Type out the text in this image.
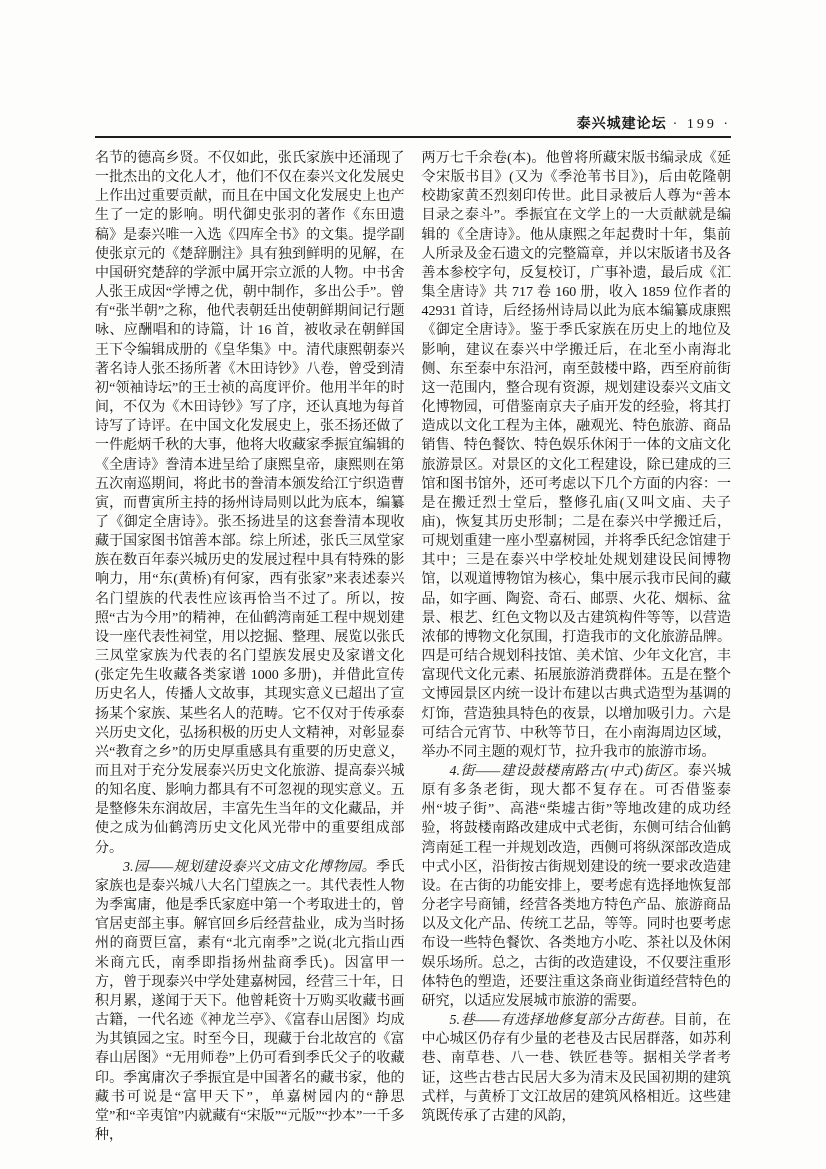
泰兴城建论坛 · 199 ·

名节的德高乡贤。不仅如此，张氏家族中还涌现了一批杰出的文化人才，他们不仅在泰兴文化发展史上作出过重要贡献，而且在中国文化发展史上也产生了一定的影响。明代御史张羽的著作《东田遗稿》是泰兴唯一入选《四库全书》的文集。提学副使张京元的《楚辞删注》具有独到鲜明的见解，在中国研究楚辞的学派中属开宗立派的人物。中书舍人张王成因“学博之优，朝中制作，多出公手”。曾有“张半朝”之称，他代表朝廷出使朝鲜期间记行题咏、应酬唱和的诗篇，计 16 首，被收录在朝鲜国王下令编辑成册的《皇华集》中。清代康熙朝泰兴著名诗人张丕扬所著《木田诗钞》八卷，曾受到清初“领袖诗坛”的王士祯的高度评价。他用半年的时间，不仅为《木田诗钞》写了序，还认真地为每首诗写了诗评。在中国文化发展史上，张丕扬还做了一件彪炳千秋的大事，他将大收藏家季振宜编辑的《全唐诗》誊清本进呈给了康熙皇帝，康熙则在第五次南巡期间，将此书的誊清本颁发给江宁织造曹寅，而曹寅所主持的扬州诗局则以此为底本，编纂了《御定全唐诗》。张丕扬进呈的这套誊清本现收藏于国家图书馆善本部。综上所述，张氏三凤堂家族在数百年泰兴城历史的发展过程中具有特殊的影响力，用“东(黄桥)有何家，西有张家”来表述泰兴名门望族的代表性应该再恰当不过了。所以，按照“古为今用”的精神，在仙鹤湾南延工程中规划建设一座代表性祠堂，用以挖掘、整理、展览以张氏三凤堂家族为代表的名门望族发展史及家谱文化(张定先生收藏各类家谱 1000 多册)，并借此宣传历史名人，传播人文故事，其现实意义已超出了宣扬某个家族、某些名人的范畴。它不仅对于传承泰兴历史文化，弘扬积极的历史人文精神，对彰显泰兴“教育之乡”的历史厚重感具有重要的历史意义，而且对于充分发展泰兴历史文化旅游、提高泰兴城的知名度、影响力都具有不可忽视的现实意义。五是整修朱东润故居，丰富先生当年的文化藏品，并使之成为仙鹤湾历史文化风光带中的重要组成部分。

3.园——规划建设泰兴文庙文化博物园。季氏家族也是泰兴城八大名门望族之一。其代表性人物为季寓庸，他是季氏家庭中第一个考取进士的，曾官居吏部主事。解官回乡后经营盐业，成为当时扬州的商贾巨富，素有“北亢南季”之说(北亢指山西米商亢氏，南季即指扬州盐商季氏)。因富甲一方，曾于现泰兴中学处建嘉树园，经营三十年，日积月累，遂闻于天下。他曾耗资十万购买收藏书画古籍，一代名迹《神龙兰亭》、《富春山居图》均成为其镇园之宝。时至今日，现藏于台北故宫的《富春山居图》“无用师卷”上仍可看到季氏父子的收藏印。季寓庸次子季振宜是中国著名的藏书家，他的藏书可说是“富甲天下”，单嘉树园内的“静思堂”和“辛夷馆”内就藏有“宋版”“元版”“抄本”一千多种，

两万七千余卷(本)。他曾将所藏宋版书编录成《延令宋版书目》(又为《季沧苇书目》)，后由乾隆朝校勘家黄丕烈刻印传世。此目录被后人尊为“善本目录之泰斗”。季振宜在文学上的一大贡献就是编辑的《全唐诗》。他从康熙之年起费时十年，集前人所录及金石遗文的完整篇章，并以宋版诸书及各善本参校字句，反复校订，广事补遗，最后成《汇集全唐诗》共 717 卷 160 册，收入 1859 位作者的 42931 首诗，后经扬州诗局以此为底本编纂成康熙《御定全唐诗》。鉴于季氏家族在历史上的地位及影响，建议在泰兴中学搬迁后，在北至小南海北侧、东至泰中东沿河，南至鼓楼中路，西至府前街这一范围内，整合现有资源，规划建设泰兴文庙文化博物园，可借鉴南京夫子庙开发的经验，将其打造成以文化工程为主体，融观光、特色旅游、商品销售、特色餐饮、特色娱乐休闲于一体的文庙文化旅游景区。对景区的文化工程建设，除已建成的三馆和图书馆外，还可考虑以下几个方面的内容：一是在搬迁烈士堂后，整修孔庙(又叫文庙、夫子庙)，恢复其历史形制；二是在泰兴中学搬迁后，可规划重建一座小型嘉树园，并将季氏纪念馆建于其中；三是在泰兴中学校址处规划建设民间博物馆，以观道博物馆为核心，集中展示我市民间的藏品，如字画、陶瓷、奇石、邮票、火花、烟标、盆景、根艺、红色文物以及古建筑构件等等，以营造浓郁的博物文化氛围，打造我市的文化旅游品牌。四是可结合规划科技馆、美术馆、少年文化宫，丰富现代文化元素、拓展旅游消费群体。五是在整个文博园景区内统一设计布建以古典式造型为基调的灯饰，营造独具特色的夜景，以增加吸引力。六是可结合元宵节、中秋等节日，在小南海周边区域，举办不同主题的观灯节，拉升我市的旅游市场。

4.街——建设鼓楼南路古(中式)街区。泰兴城原有多条老街，现大都不复存在。可否借鉴泰州“坡子街”、高港“柴墟古街”等地改建的成功经验，将鼓楼南路改建成中式老街，东侧可结合仙鹤湾南延工程一并规划改造，西侧可将纵深部改造成中式小区，沿街按古街规划建设的统一要求改造建设。在古街的功能安排上，要考虑有选择地恢复部分老字号商铺，经营各类地方特色产品、旅游商品以及文化产品、传统工艺品，等等。同时也要考虑布设一些特色餐饮、各类地方小吃、茶社以及休闲娱乐场所。总之，古街的改造建设，不仅要注重形体特色的塑造，还要注重这条商业街道经营特色的研究，以适应发展城市旅游的需要。

5.巷——有选择地修复部分古街巷。目前，在中心城区仍存有少量的老巷及古民居群落，如苏利巷、南草巷、八一巷、铁匠巷等。据相关学者考证，这些古巷古民居大多为清末及民国初期的建筑式样，与黄桥丁文江故居的建筑风格相近。这些建筑既传承了古建的风韵，
